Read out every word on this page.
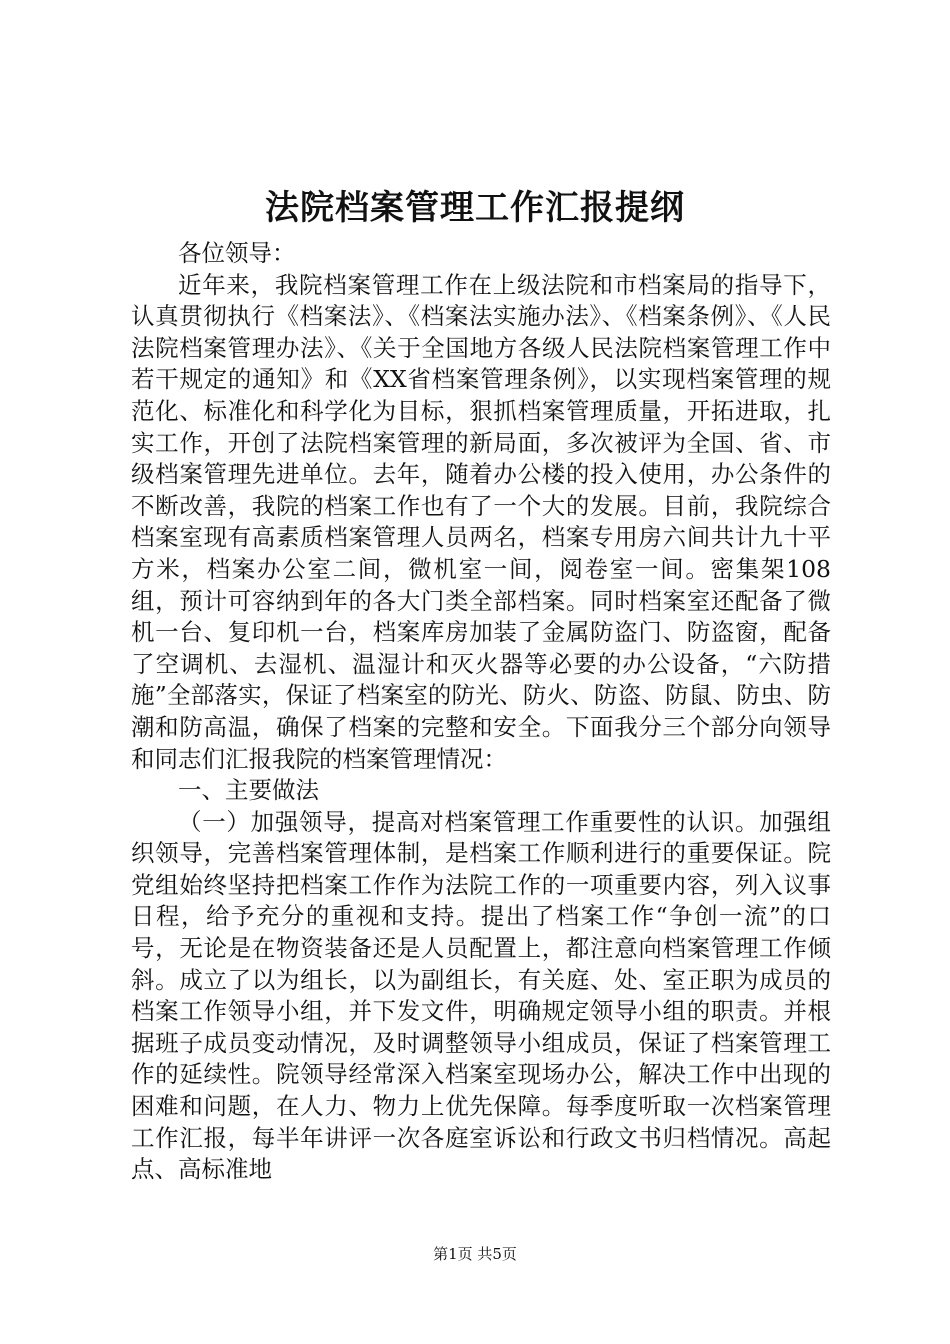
法院档案管理工作汇报提纲

各位领导：

近年来，我院档案管理工作在上级法院和市档案局的指导下，认真贯彻执行《档案法》、《档案法实施办法》、《档案条例》、《人民法院档案管理办法》、《关于全国地方各级人民法院档案管理工作中若干规定的通知》和《XX省档案管理条例》，以实现档案管理的规范化、标准化和科学化为目标，狠抓档案管理质量，开拓进取，扎实工作，开创了法院档案管理的新局面，多次被评为全国、省、市级档案管理先进单位。去年，随着办公楼的投入使用，办公条件的不断改善，我院的档案工作也有了一个大的发展。目前，我院综合档案室现有高素质档案管理人员两名，档案专用房六间共计九十平方米，档案办公室二间，微机室一间，阅卷室一间。密集架108组，预计可容纳到年的各大门类全部档案。同时档案室还配备了微机一台、复印机一台，档案库房加装了金属防盗门、防盗窗，配备了空调机、去湿机、温湿计和灭火器等必要的办公设备，“六防措施”全部落实，保证了档案室的防光、防火、防盗、防鼠、防虫、防潮和防高温，确保了档案的完整和安全。下面我分三个部分向领导和同志们汇报我院的档案管理情况：

一、主要做法

（一）加强领导，提高对档案管理工作重要性的认识。加强组织领导，完善档案管理体制，是档案工作顺利进行的重要保证。院党组始终坚持把档案工作作为法院工作的一项重要内容，列入议事日程，给予充分的重视和支持。提出了档案工作“争创一流”的口号，无论是在物资装备还是人员配置上，都注意向档案管理工作倾斜。成立了以为组长，以为副组长，有关庭、处、室正职为成员的档案工作领导小组，并下发文件，明确规定领导小组的职责。并根据班子成员变动情况，及时调整领导小组成员，保证了档案管理工作的延续性。院领导经常深入档案室现场办公，解决工作中出现的困难和问题，在人力、物力上优先保障。每季度听取一次档案管理工作汇报，每半年讲评一次各庭室诉讼和行政文书归档情况。高起点、高标准地

第1页 共5页
